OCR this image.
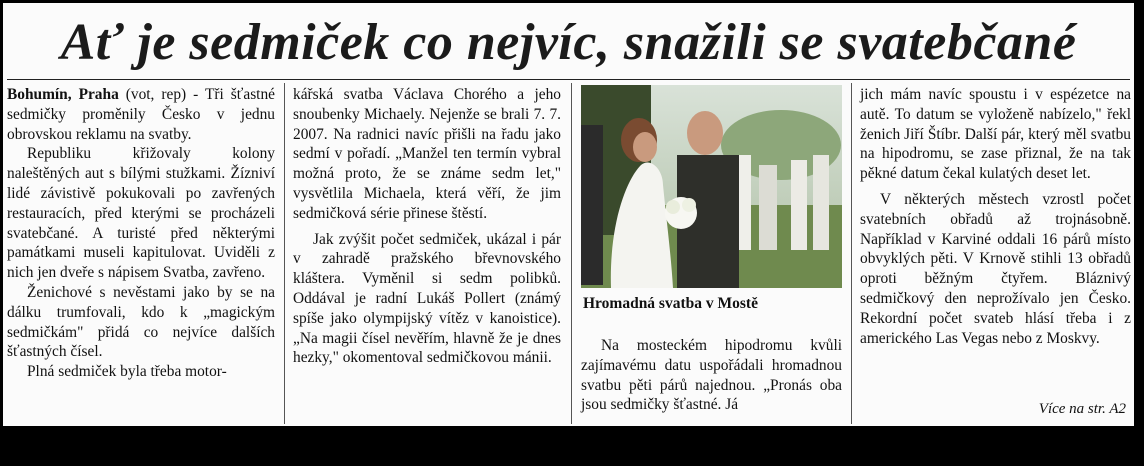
Ať je sedmiček co nejvíc, snažili se svatebčané

Bohumín, Praha (vot, rep) - Tři šťastné sedmičky proměnily Česko v jednu obrovskou reklamu na svatby.

Republiku křižovaly kolony naleštěných aut s bílými stužkami. Žízniví lidé závistivě pokukovali po zavřených restauracích, před kterými se procházeli svatebčané. A turisté před některými památkami museli kapitulovat. Uviděli z nich jen dveře s nápisem Svatba, zavřeno.

Ženichové s nevěstami jako by se na dálku trumfovali, kdo k „magickým sedmičkám" přidá co nejvíce dalších šťastných čísel.

Plná sedmiček byla třeba motor-

kářská svatba Václava Chorého a jeho snoubenky Michaely. Nejenže se brali 7. 7. 2007. Na radnici navíc přišli na řadu jako sedmí v pořadí. „Manžel ten termín vybral možná proto, že se známe sedm let," vysvětlila Michaela, která věří, že jim sedmičková série přinese štěstí.

Jak zvýšit počet sedmiček, ukázal i pár v zahradě pražského břevnovského kláštera. Vyměnil si sedm polibků. Oddával je radní Lukáš Pollert (známý spíše jako olympijský vítěz v kanoistice). „Na magii čísel nevěřím, hlavně že je dnes hezky," okomentoval sedmičkovou mánii.

Hromadná svatba v Mostě

Na mosteckém hipodromu kvůli zajímavému datu uspořádali hromadnou svatbu pěti párů najednou. „Pronás oba jsou sedmičky šťastné. Já

jich mám navíc spoustu i v espézetce na autě. To datum se vyloženě nabízelo," řekl ženich Jiří Štíbr. Další pár, který měl svatbu na hipodromu, se zase přiznal, že na tak pěkné datum čekal kulatých deset let.

V některých městech vzrostl počet svatebních obřadů až trojnásobně. Například v Karviné oddali 16 párů místo obvyklých pěti. V Krnově stihli 13 obřadů oproti běžným čtyřem. Bláznivý sedmičkový den neprožívalo jen Česko. Rekordní počet svateb hlásí třeba i z amerického Las Vegas nebo z Moskvy.

Více na str. A2
